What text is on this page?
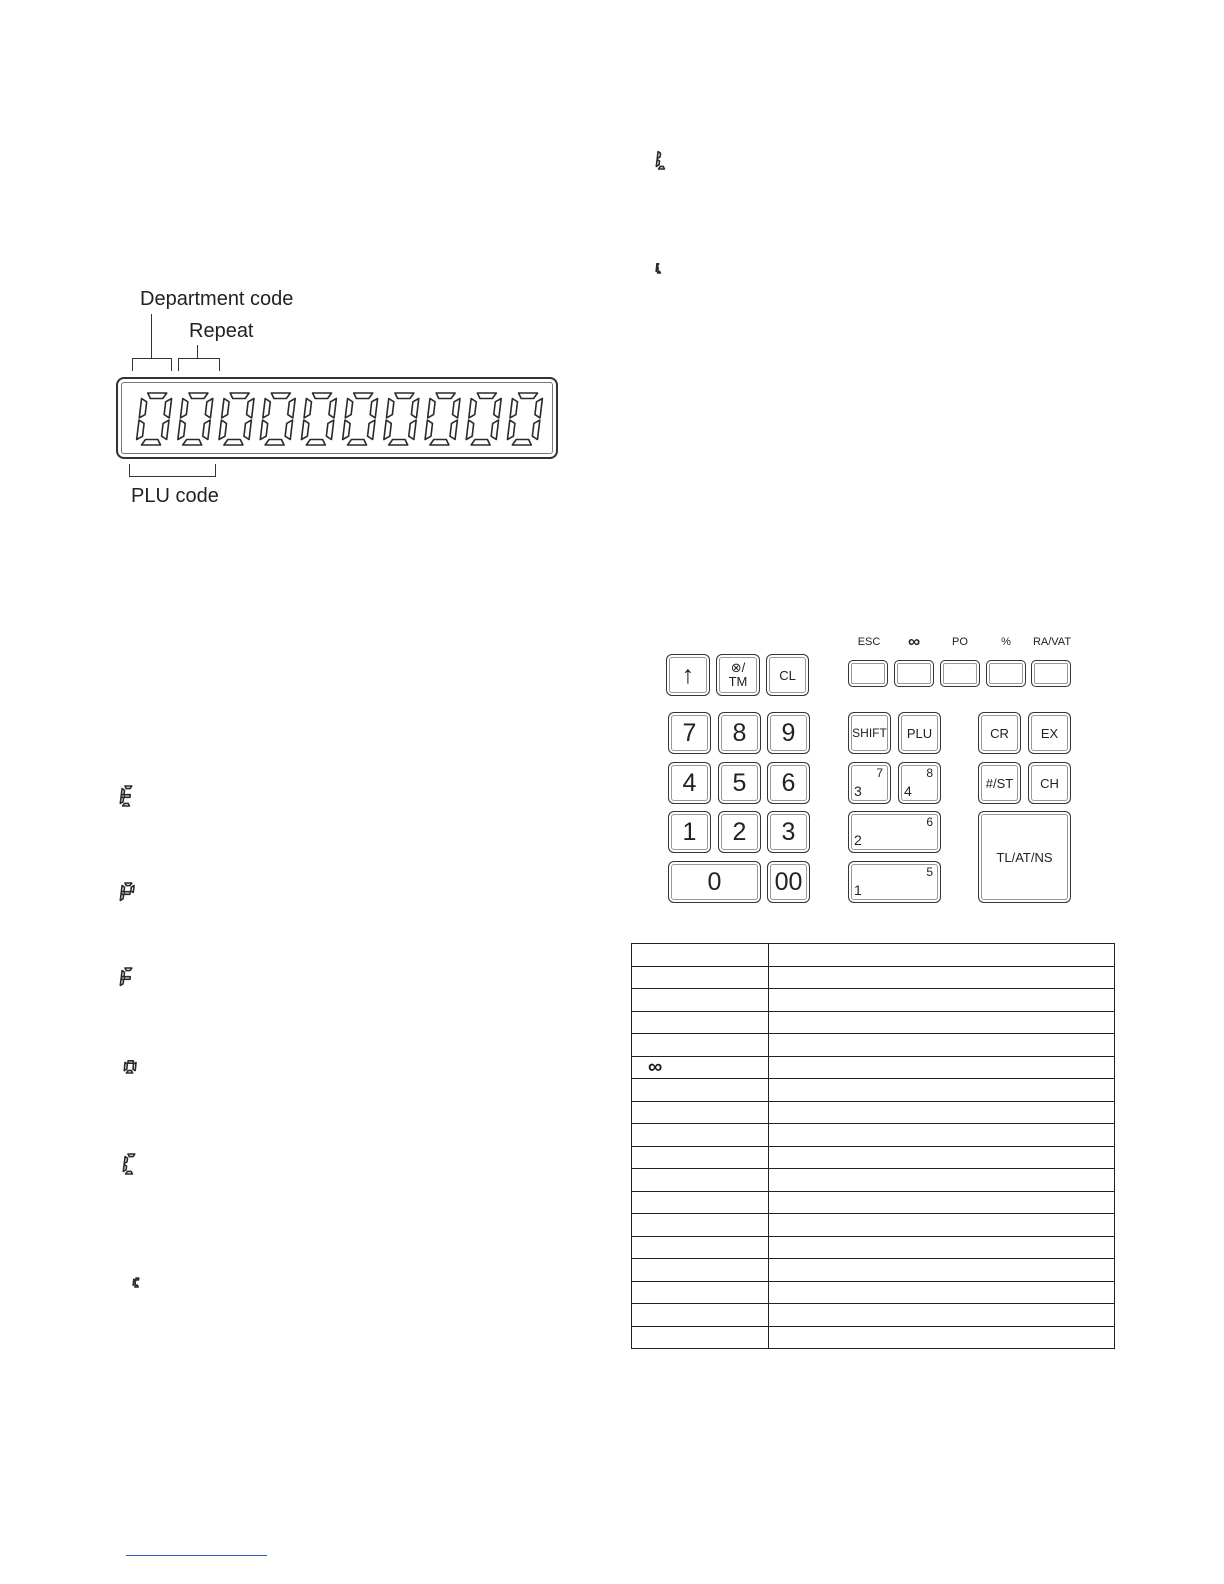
Department code
Repeat
PLU code
ESC	∞	PO	%	RA/VAT
↑	⊗/
TM	CL
7	8	9
4	5	6
1	2	3
0	00
SHIFT	PLU
7
3
8
4
6
2
5
1
CR	EX
#/ST	CH
TL/AT/NS

∞	
